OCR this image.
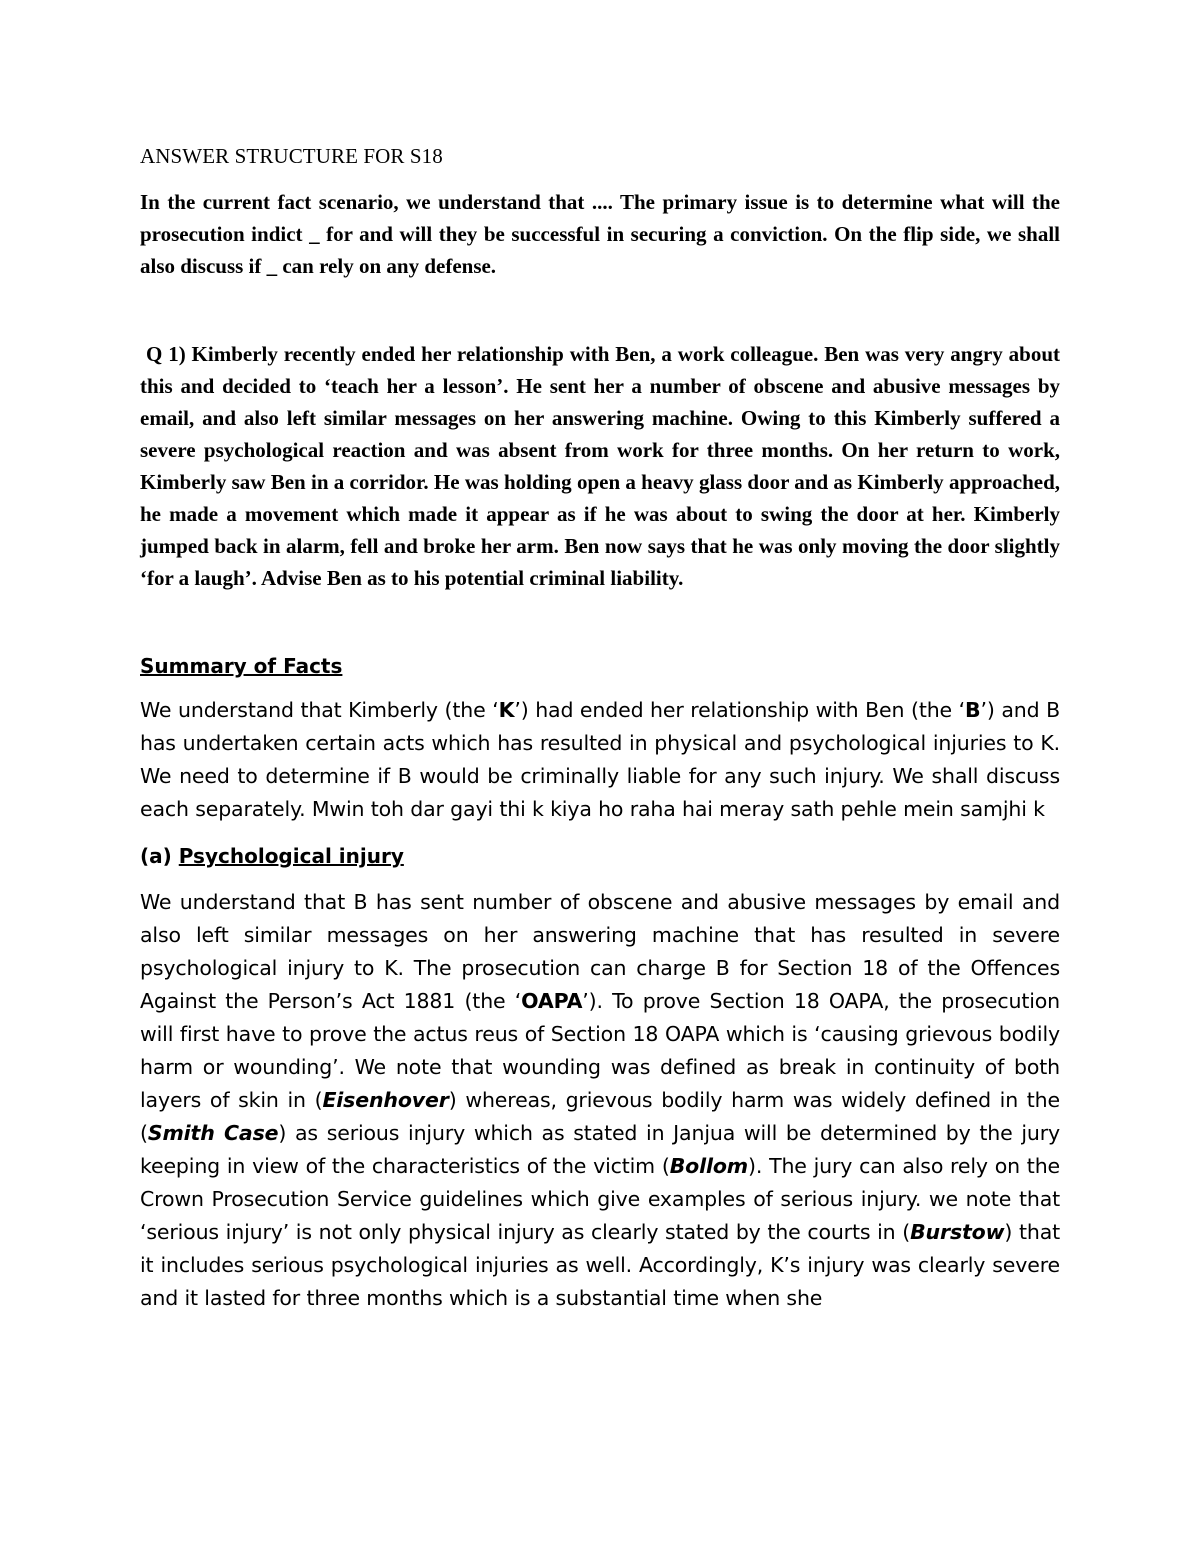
ANSWER STRUCTURE FOR S18

In the current fact scenario, we understand that .... The primary issue is to determine what will the prosecution indict _ for and will they be successful in securing a conviction. On the flip side, we shall also discuss if _ can rely on any defense.

Q 1) Kimberly recently ended her relationship with Ben, a work colleague. Ben was very angry about this and decided to ‘teach her a lesson’. He sent her a number of obscene and abusive messages by email, and also left similar messages on her answering machine. Owing to this Kimberly suffered a severe psychological reaction and was absent from work for three months. On her return to work, Kimberly saw Ben in a corridor. He was holding open a heavy glass door and as Kimberly approached, he made a movement which made it appear as if he was about to swing the door at her. Kimberly jumped back in alarm, fell and broke her arm. Ben now says that he was only moving the door slightly ‘for a laugh’. Advise Ben as to his potential criminal liability.

Summary of Facts

We understand that Kimberly (the ‘K’) had ended her relationship with Ben (the ‘B’) and B has undertaken certain acts which has resulted in physical and psychological injuries to K. We need to determine if B would be criminally liable for any such injury. We shall discuss each separately. Mwin toh dar gayi thi k kiya ho raha hai meray sath pehle mein samjhi k

(a) Psychological injury

We understand that B has sent number of obscene and abusive messages by email and also left similar messages on her answering machine that has resulted in severe psychological injury to K. The prosecution can charge B for Section 18 of the Offences Against the Person’s Act 1881 (the ‘OAPA’). To prove Section 18 OAPA, the prosecution will first have to prove the actus reus of Section 18 OAPA which is ‘causing grievous bodily harm or wounding’. We note that wounding was defined as break in continuity of both layers of skin in (Eisenhover) whereas, grievous bodily harm was widely defined in the (Smith Case) as serious injury which as stated in Janjua will be determined by the jury keeping in view of the characteristics of the victim (Bollom). The jury can also rely on the Crown Prosecution Service guidelines which give examples of serious injury. we note that ‘serious injury’ is not only physical injury as clearly stated by the courts in (Burstow) that it includes serious psychological injuries as well. Accordingly, K’s injury was clearly severe and it lasted for three months which is a substantial time when she
